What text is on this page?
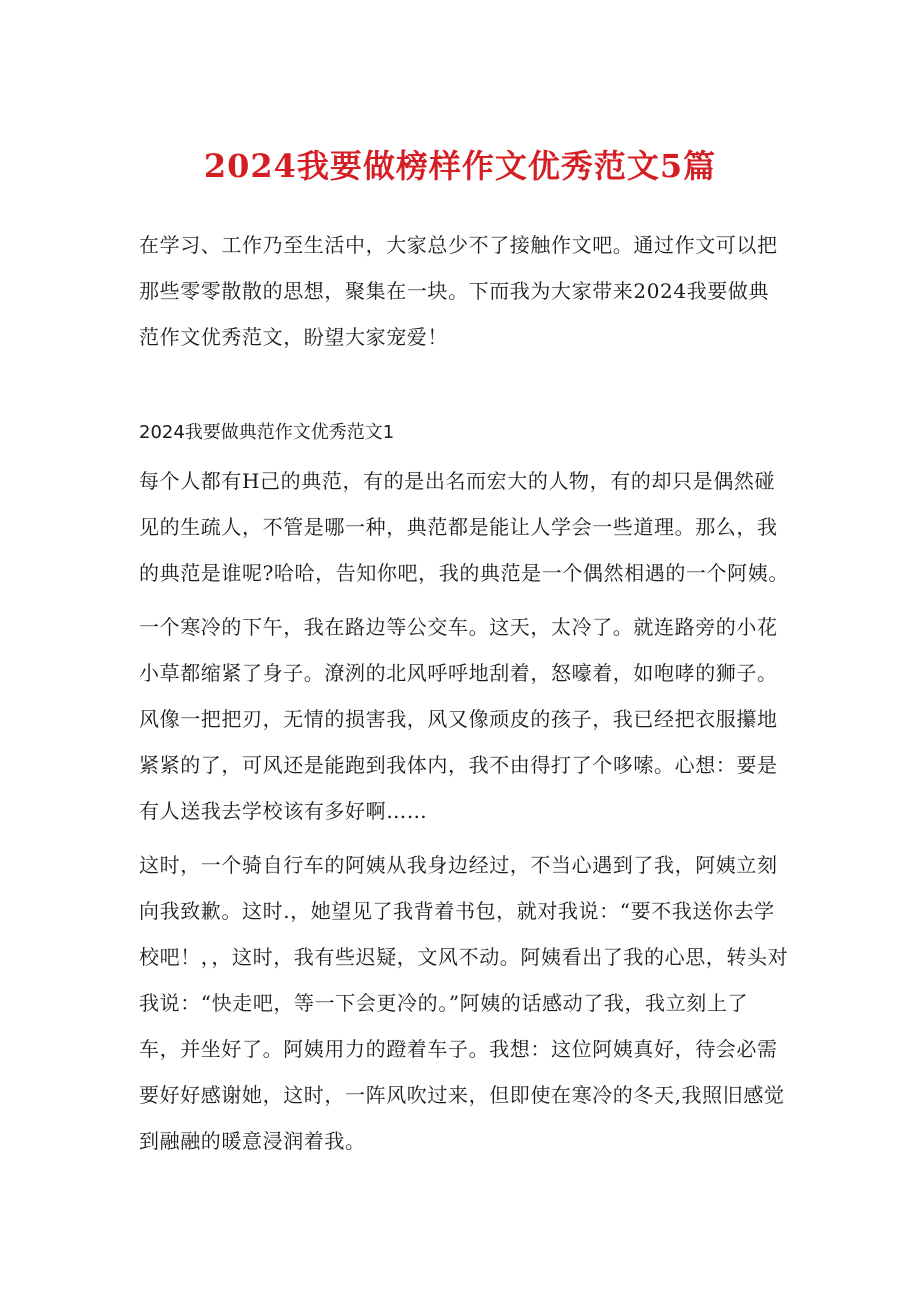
2024我要做榜样作文优秀范文5篇

在学习、工作乃至生活中，大家总少不了接触作文吧。通过作文可以把那些零零散散的思想，聚集在一块。下而我为大家带来2024我要做典范作文优秀范文，盼望大家宠爱！

2024我要做典范作文优秀范文1

每个人都有H己的典范，有的是出名而宏大的人物，有的却只是偶然碰见的生疏人，不管是哪一种，典范都是能让人学会一些道理。那么，我的典范是谁呢?哈哈，告知你吧，我的典范是一个偶然相遇的一个阿姨。

一个寒冷的下午，我在路边等公交车。这天，太冷了。就连路旁的小花小草都缩紧了身子。潦洌的北风呼呼地刮着，怒嚎着，如咆哮的狮子。风像一把把刃，无情的损害我，风又像顽皮的孩子，我已经把衣服攥地紧紧的了，可风还是能跑到我体内，我不由得打了个哆嗦。心想：要是有人送我去学校该有多好啊……

这时，一个骑自行车的阿姨从我身边经过，不当心遇到了我，阿姨立刻向我致歉。这时.，她望见了我背着书包，就对我说：“要不我送你去学校吧！，，这时，我有些迟疑，文风不动。阿姨看出了我的心思，转头对我说：“快走吧，等一下会更冷的。”阿姨的话感动了我，我立刻上了车，并坐好了。阿姨用力的蹬着车子。我想：这位阿姨真好，待会必需要好好感谢她，这时，一阵风吹过来，但即使在寒冷的冬天,我照旧感觉到融融的暖意浸润着我。
